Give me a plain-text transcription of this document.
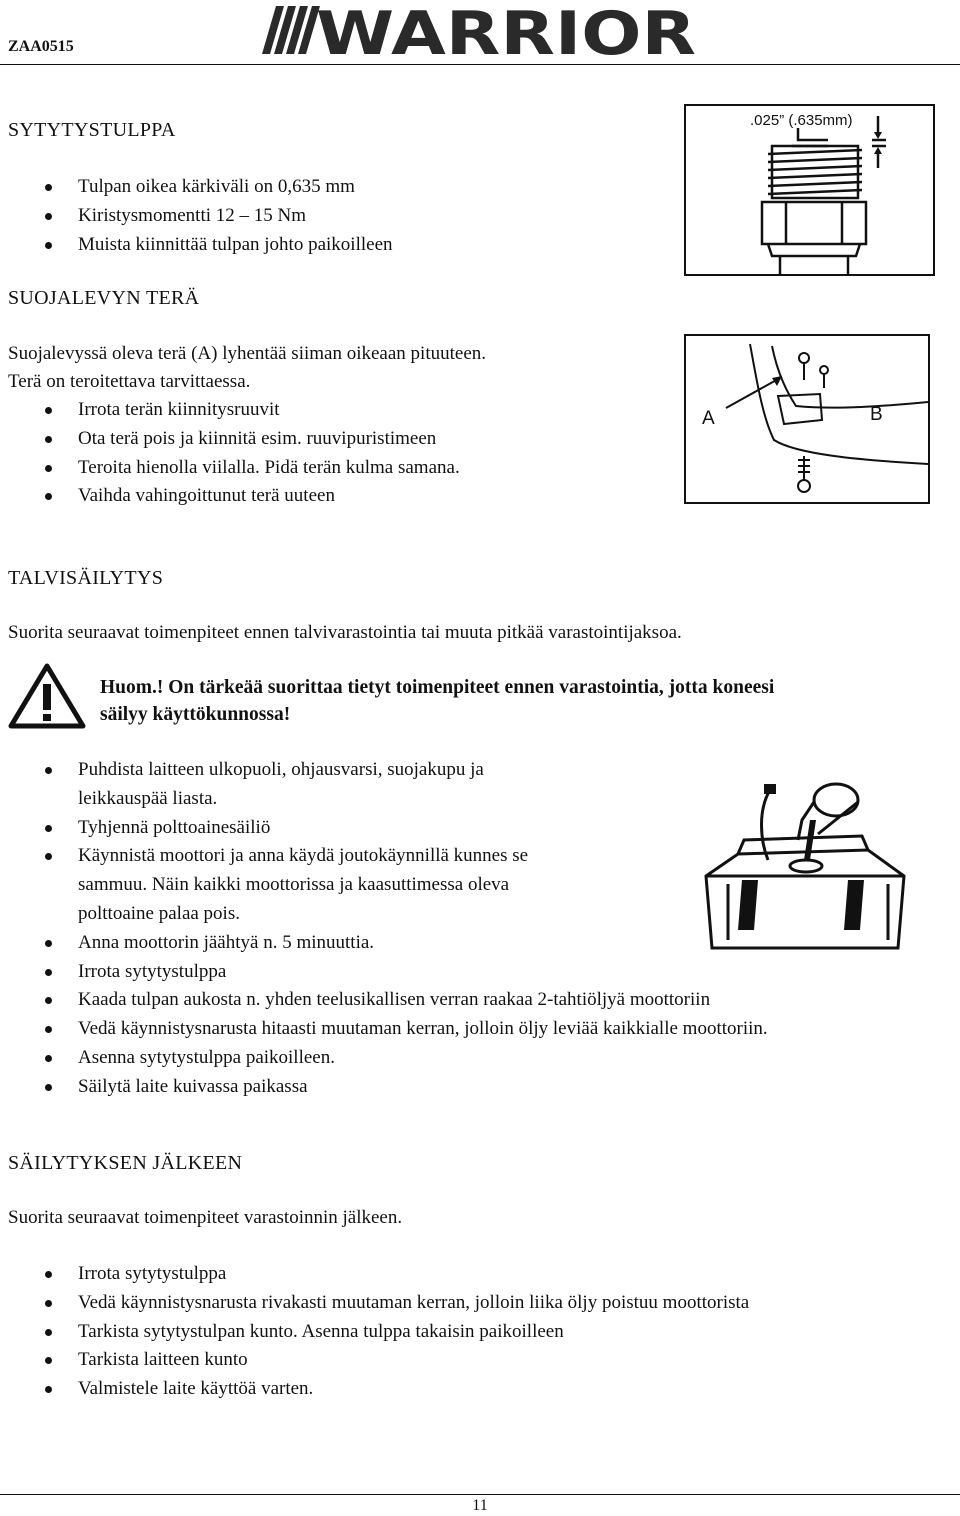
ZAA0515	WARRIOR
SYTYTYSTULPPA
Tulpan oikea kärkiväli on 0,635 mm
Kiristysmomentti 12 – 15 Nm
Muista kiinnittää tulpan johto paikoilleen
.025” (.635mm)
SUOJALEVYN TERÄ
Suojalevyssä oleva terä (A) lyhentää siiman oikeaan pituuteen.
Terä on teroitettava tarvittaessa.
Irrota terän kiinnitysruuvit
Ota terä pois ja kiinnitä esim. ruuvipuristimeen
Teroita hienolla viilalla. Pidä terän kulma samana.
Vaihda vahingoittunut terä uuteen
A	B
TALVISÄILYTYS
Suorita seuraavat toimenpiteet ennen talvivarastointia tai muuta pitkää varastointijaksoa.
Huom.! On tärkeää suorittaa tietyt toimenpiteet ennen varastointia, jotta koneesi
säilyy käyttökunnossa!
Puhdista laitteen ulkopuoli, ohjausvarsi, suojakupu ja
leikkauspää liasta.
Tyhjennä polttoainesäiliö
Käynnistä moottori ja anna käydä joutokäynnillä kunnes se
sammuu. Näin kaikki moottorissa ja kaasuttimessa oleva
polttoaine palaa pois.
Anna moottorin jäähtyä n. 5 minuuttia.
Irrota sytytystulppa
Kaada tulpan aukosta n. yhden teelusikallisen verran raakaa 2-tahtiöljyä moottoriin
Vedä käynnistysnarusta hitaasti muutaman kerran, jolloin öljy leviää kaikkialle moottoriin.
Asenna sytytystulppa paikoilleen.
Säilytä laite kuivassa paikassa
SÄILYTYKSEN JÄLKEEN
Suorita seuraavat toimenpiteet varastoinnin jälkeen.
Irrota sytytystulppa
Vedä käynnistysnarusta rivakasti muutaman kerran, jolloin liika öljy poistuu moottorista
Tarkista sytytystulpan kunto. Asenna tulppa takaisin paikoilleen
Tarkista laitteen kunto
Valmistele laite käyttöä varten.
11
